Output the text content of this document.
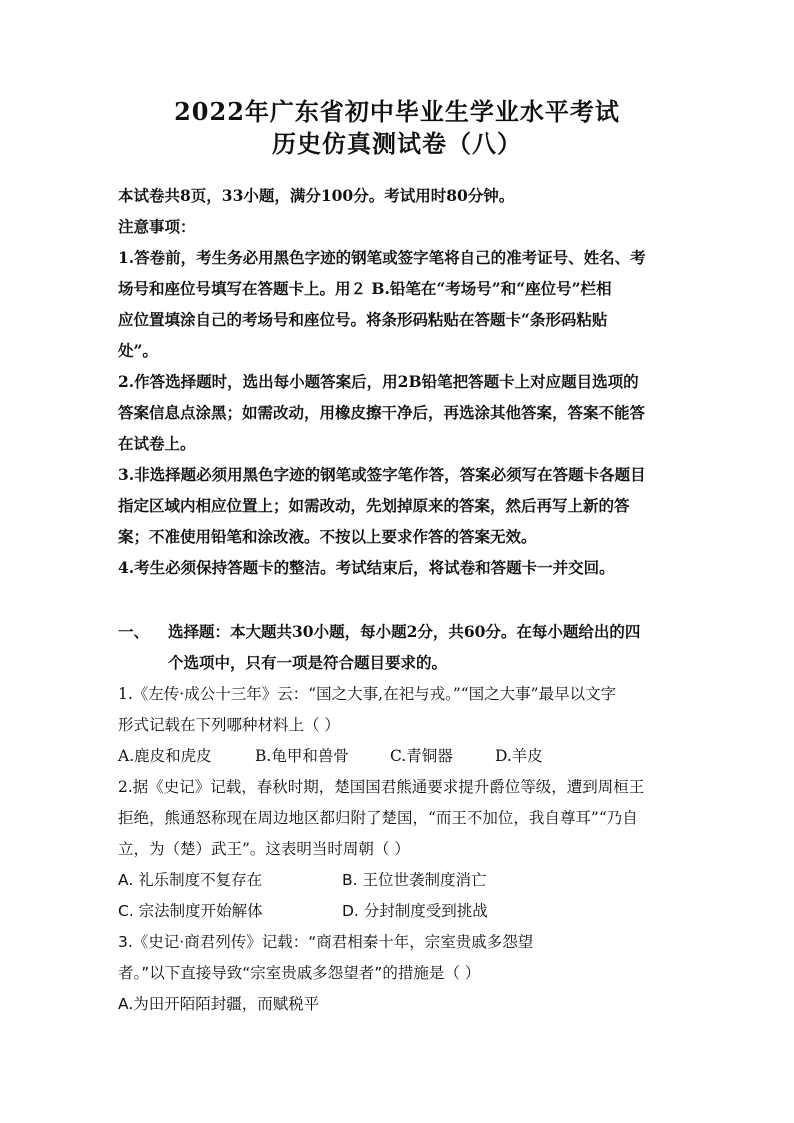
2022年广东省初中毕业生学业水平考试
历史仿真测试卷（八）
本试卷共8页，33小题，满分100分。考试用时80分钟。
注意事项：
1.答卷前，考生务必用黑色字迹的钢笔或签字笔将自己的准考证号、姓名、考
场号和座位号填写在答题卡上。用２ B.铅笔在“考场号”和“座位号”栏相
应位置填涂自己的考场号和座位号。将条形码粘贴在答题卡“条形码粘贴
处”。
2.作答选择题时，选出每小题答案后，用2B铅笔把答题卡上对应题目选项的
答案信息点涂黑；如需改动，用橡皮擦干净后，再选涂其他答案，答案不能答
在试卷上。
3.非选择题必须用黑色字迹的钢笔或签字笔作答，答案必须写在答题卡各题目
指定区域内相应位置上；如需改动，先划掉原来的答案，然后再写上新的答
案；不准使用铅笔和涂改液。不按以上要求作答的答案无效。
4.考生必须保持答题卡的整洁。考试结束后，将试卷和答题卡一并交回。
一、	选择题：本大题共30小题，每小题2分，共60分。在每小题给出的四
个选项中，只有一项是符合题目要求的。
1.《左传·成公十三年》云：“国之大事,在祀与戎。”“国之大事”最早以文字
形式记载在下列哪种材料上（ ）
A.鹿皮和虎皮	B.龟甲和兽骨	C.青铜器	D.羊皮
2.据《史记》记载，春秋时期，楚国国君熊通要求提升爵位等级，遭到周桓王
拒绝，熊通怒称现在周边地区都归附了楚国，“而王不加位，我自尊耳”“乃自
立，为（楚）武王”。这表明当时周朝（ ）
A. 礼乐制度不复存在	B. 王位世袭制度消亡
C. 宗法制度开始解体	D. 分封制度受到挑战
3.《史记·商君列传》记载：“商君相秦十年，宗室贵戚多怨望
者。”以下直接导致“宗室贵戚多怨望者”的措施是（ ）
A.为田开陌陌封疆，而赋税平
